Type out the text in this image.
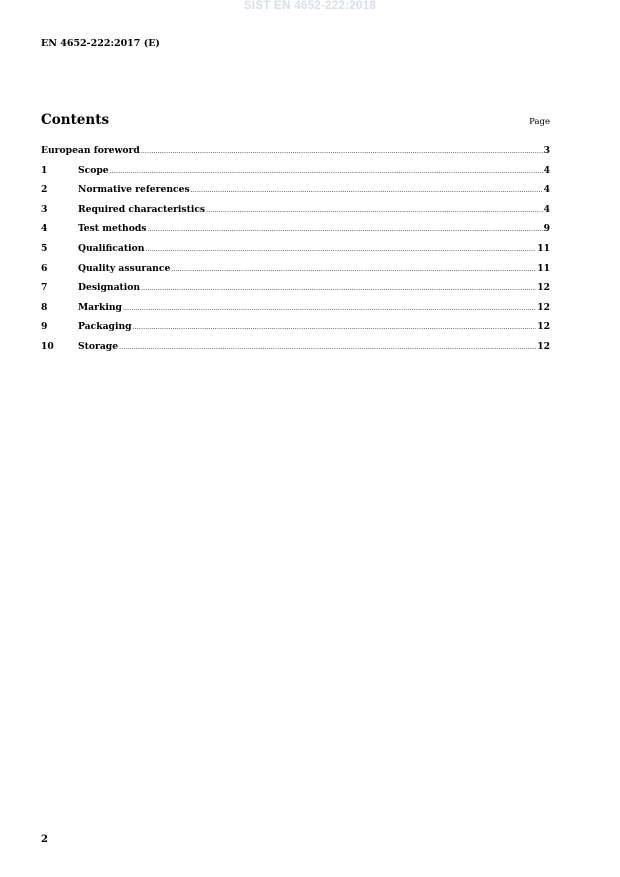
SIST EN 4652-222:2018
EN 4652-222:2017 (E)
Contents	Page
European foreword .....	3
1	Scope .....	4
2	Normative references .....	4
3	Required characteristics .....	4
4	Test methods .....	9
5	Qualification .....	11
6	Quality assurance .....	11
7	Designation .....	12
8	Marking .....	12
9	Packaging .....	12
10	Storage .....	12
2
